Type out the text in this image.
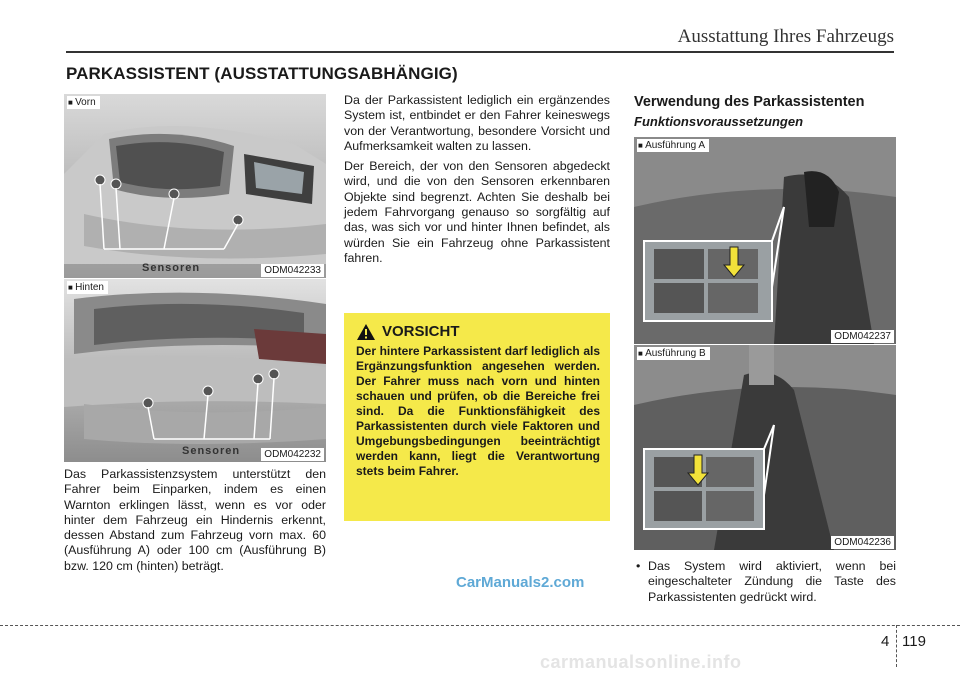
Ausstattung Ihres Fahrzeugs
PARKASSISTENT (AUSSTATTUNGSABHÄNGIG)
■ Vorn
Sensoren	ODM042233
■ Hinten
Sensoren	ODM042232

Das Parkassistenzsystem unterstützt den Fahrer beim Einparken, indem es einen Warnton erklingen lässt, wenn es vor oder hinter dem Fahrzeug ein Hindernis erkennt, dessen Abstand zum Fahrzeug vorn max. 60 (Ausführung A) oder 100 cm (Ausführung B) bzw. 120 cm (hinten) beträgt.

Da der Parkassistent lediglich ein ergänzendes System ist, entbindet er den Fahrer keineswegs von der Verantwortung, besondere Vorsicht und Aufmerksamkeit walten zu lassen.

Der Bereich, der von den Sensoren abgedeckt wird, und die von den Sensoren erkennbaren Objekte sind begrenzt. Achten Sie deshalb bei jedem Fahrvorgang genauso so sorgfältig auf das, was sich vor und hinter Ihnen befindet, als würden Sie ein Fahrzeug ohne Parkassistent fahren.

VORSICHT
Der hintere Parkassistent darf lediglich als Ergänzungsfunktion angesehen werden. Der Fahrer muss nach vorn und hinten schauen und prüfen, ob die Bereiche frei sind. Da die Funktionsfähigkeit des Parkassistenten durch viele Faktoren und Umgebungsbedingungen beeinträchtigt werden kann, liegt die Verantwortung stets beim Fahrer.
Verwendung des Parkassistenten
Funktionsvoraussetzungen
■ Ausführung A
ODM042237
■ Ausführung B
ODM042236
• Das System wird aktiviert, wenn bei eingeschalteter Zündung die Taste des Parkassistenten gedrückt wird.
CarManuals2.com
4 119
carmanualsonline.info
